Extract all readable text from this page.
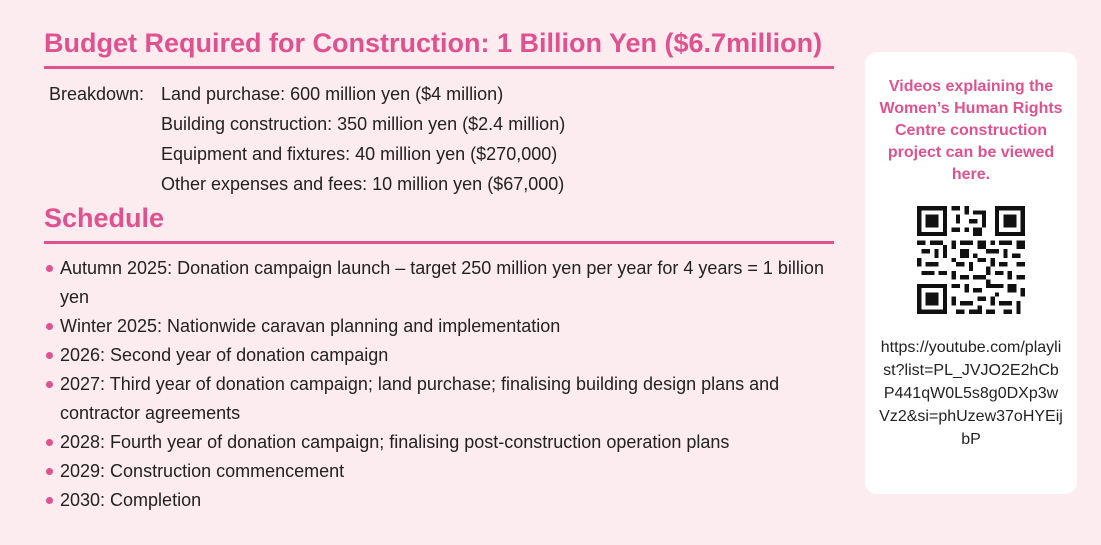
Budget Required for Construction: 1 Billion Yen ($6.7million)
Breakdown: Land purchase: 600 million yen ($4 million)
Building construction: 350 million yen ($2.4 million)
Equipment and fixtures: 40 million yen ($270,000)
Other expenses and fees: 10 million yen ($67,000)
Schedule
Autumn 2025: Donation campaign launch – target 250 million yen per year for 4 years = 1 billion yen
Winter 2025: Nationwide caravan planning and implementation
2026: Second year of donation campaign
2027: Third year of donation campaign; land purchase; finalising building design plans and contractor agreements
2028: Fourth year of donation campaign; finalising post-construction operation plans
2029: Construction commencement
2030: Completion
Videos explaining the Women’s Human Rights Centre construction project can be viewed here.
https://youtube.com/playlist?list=PL_JVJO2E2hCbP441qW0L5s8g0DXp3wVz2&si=phUzew37oHYEijbP
